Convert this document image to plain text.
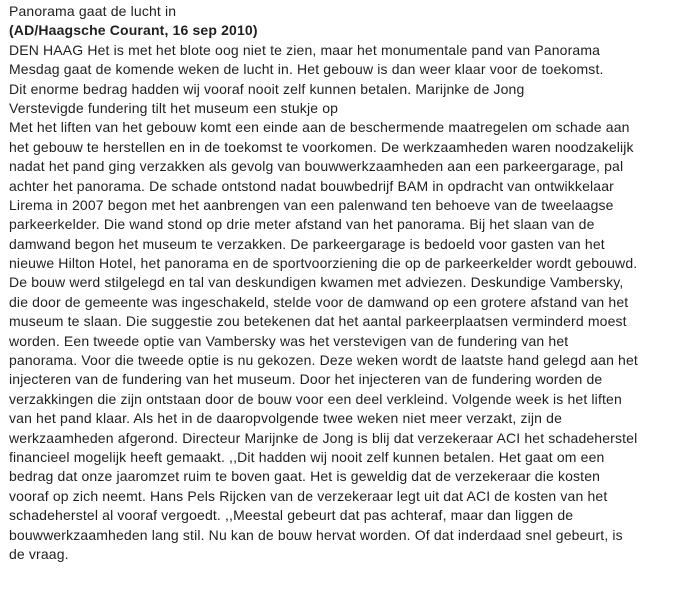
Panorama gaat de lucht in
(AD/Haagsche Courant, 16 sep 2010)
DEN HAAG Het is met het blote oog niet te zien, maar het monumentale pand van Panorama
Mesdag gaat de komende weken de lucht in. Het gebouw is dan weer klaar voor de toekomst.
Dit enorme bedrag hadden wij vooraf nooit zelf kunnen betalen. Marijnke de Jong
Verstevigde fundering tilt het museum een stukje op
Met het liften van het gebouw komt een einde aan de beschermende maatregelen om schade aan
het gebouw te herstellen en in de toekomst te voorkomen. De werkzaamheden waren noodzakelijk
nadat het pand ging verzakken als gevolg van bouwwerkzaamheden aan een parkeergarage, pal
achter het panorama. De schade ontstond nadat bouwbedrijf BAM in opdracht van ontwikkelaar
Lirema in 2007 begon met het aanbrengen van een palenwand ten behoeve van de tweelaagse
parkeerkelder. Die wand stond op drie meter afstand van het panorama. Bij het slaan van de
damwand begon het museum te verzakken. De parkeergarage is bedoeld voor gasten van het
nieuwe Hilton Hotel, het panorama en de sportvoorziening die op de parkeerkelder wordt gebouwd.
De bouw werd stilgelegd en tal van deskundigen kwamen met adviezen. Deskundige Vambersky,
die door de gemeente was ingeschakeld, stelde voor de damwand op een grotere afstand van het
museum te slaan. Die suggestie zou betekenen dat het aantal parkeerplaatsen verminderd moest
worden. Een tweede optie van Vambersky was het verstevigen van de fundering van het
panorama. Voor die tweede optie is nu gekozen. Deze weken wordt de laatste hand gelegd aan het
injecteren van de fundering van het museum. Door het injecteren van de fundering worden de
verzakkingen die zijn ontstaan door de bouw voor een deel verkleind. Volgende week is het liften
van het pand klaar. Als het in de daaropvolgende twee weken niet meer verzakt, zijn de
werkzaamheden afgerond. Directeur Marijnke de Jong is blij dat verzekeraar ACI het schadeherstel
financieel mogelijk heeft gemaakt. ,,Dit hadden wij nooit zelf kunnen betalen. Het gaat om een
bedrag dat onze jaaromzet ruim te boven gaat. Het is geweldig dat de verzekeraar die kosten
vooraf op zich neemt. Hans Pels Rijcken van de verzekeraar legt uit dat ACI de kosten van het
schadeherstel al vooraf vergoedt. ,,Meestal gebeurt dat pas achteraf, maar dan liggen de
bouwwerkzaamheden lang stil. Nu kan de bouw hervat worden. Of dat inderdaad snel gebeurt, is
de vraag.
